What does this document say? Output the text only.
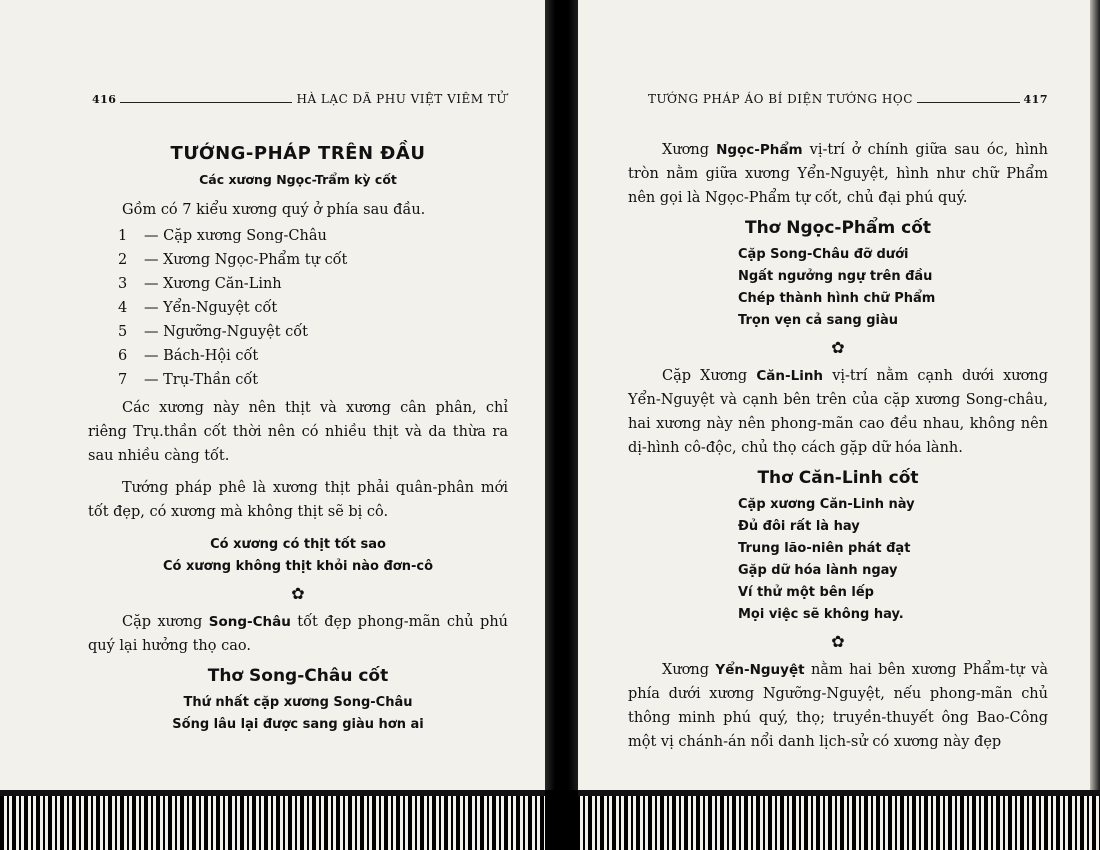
416	HÀ LẠC DÃ PHU VIỆT VIÊM TỬ
TƯỚNG-PHÁP TRÊN ĐẦU
Các xương Ngọc-Trẩm kỳ cốt

Gồm có 7 kiểu xương quý ở phía sau đầu.

1 — Cặp xương Song-Châu
2 — Xương Ngọc-Phẩm tự cốt
3 — Xương Căn-Linh
4 — Yển-Nguyệt cốt
5 — Ngưỡng-Nguyệt cốt
6 — Bách-Hội cốt
7 — Trụ-Thần cốt

Các xương này nên thịt và xương cân phân, chỉ riêng Trụ.thần cốt thời nên có nhiều thịt và da thừa ra sau nhiều càng tốt.

Tướng pháp phê là xương thịt phải quân-phân mới tốt đẹp, có xương mà không thịt sẽ bị cô.

Có xương có thịt tốt sao
Có xương không thịt khỏi nào đơn-cô
✿

Cặp xương Song-Châu tốt đẹp phong-mãn chủ phú quý lại hưởng thọ cao.

Thơ Song-Châu cốt
Thứ nhất cặp xương Song-Châu
Sống lâu lại được sang giàu hơn ai
TƯỚNG PHÁP ÁO BÍ DIỆN TƯỚNG HỌC	417

Xương Ngọc-Phẩm vị-trí ở chính giữa sau óc, hình tròn nằm giữa xương Yển-Nguyệt, hình như chữ Phẩm nên gọi là Ngọc-Phẩm tự cốt, chủ đại phú quý.

Thơ Ngọc-Phẩm cốt
Cặp Song-Châu đỡ dưới
Ngất ngưởng ngự trên đầu
Chép thành hình chữ Phẩm
Trọn vẹn cả sang giàu
✿

Cặp Xương Căn-Linh vị-trí nằm cạnh dưới xương Yển-Nguyệt và cạnh bên trên của cặp xương Song-châu, hai xương này nên phong-mãn cao đều nhau, không nên dị-hình cô-độc, chủ thọ cách gặp dữ hóa lành.

Thơ Căn-Linh cốt
Cặp xương Căn-Linh này
Đủ đôi rất là hay
Trung lão-niên phát đạt
Gặp dữ hóa lành ngay
Ví thử một bên lếp
Mọi việc sẽ không hay.
✿

Xương Yển-Nguyệt nằm hai bên xương Phẩm-tự và phía dưới xương Ngưỡng-Nguyệt, nếu phong-mãn chủ thông minh phú quý, thọ; truyền-thuyết ông Bao-Công một vị chánh-án nổi danh lịch-sử có xương này đẹp
